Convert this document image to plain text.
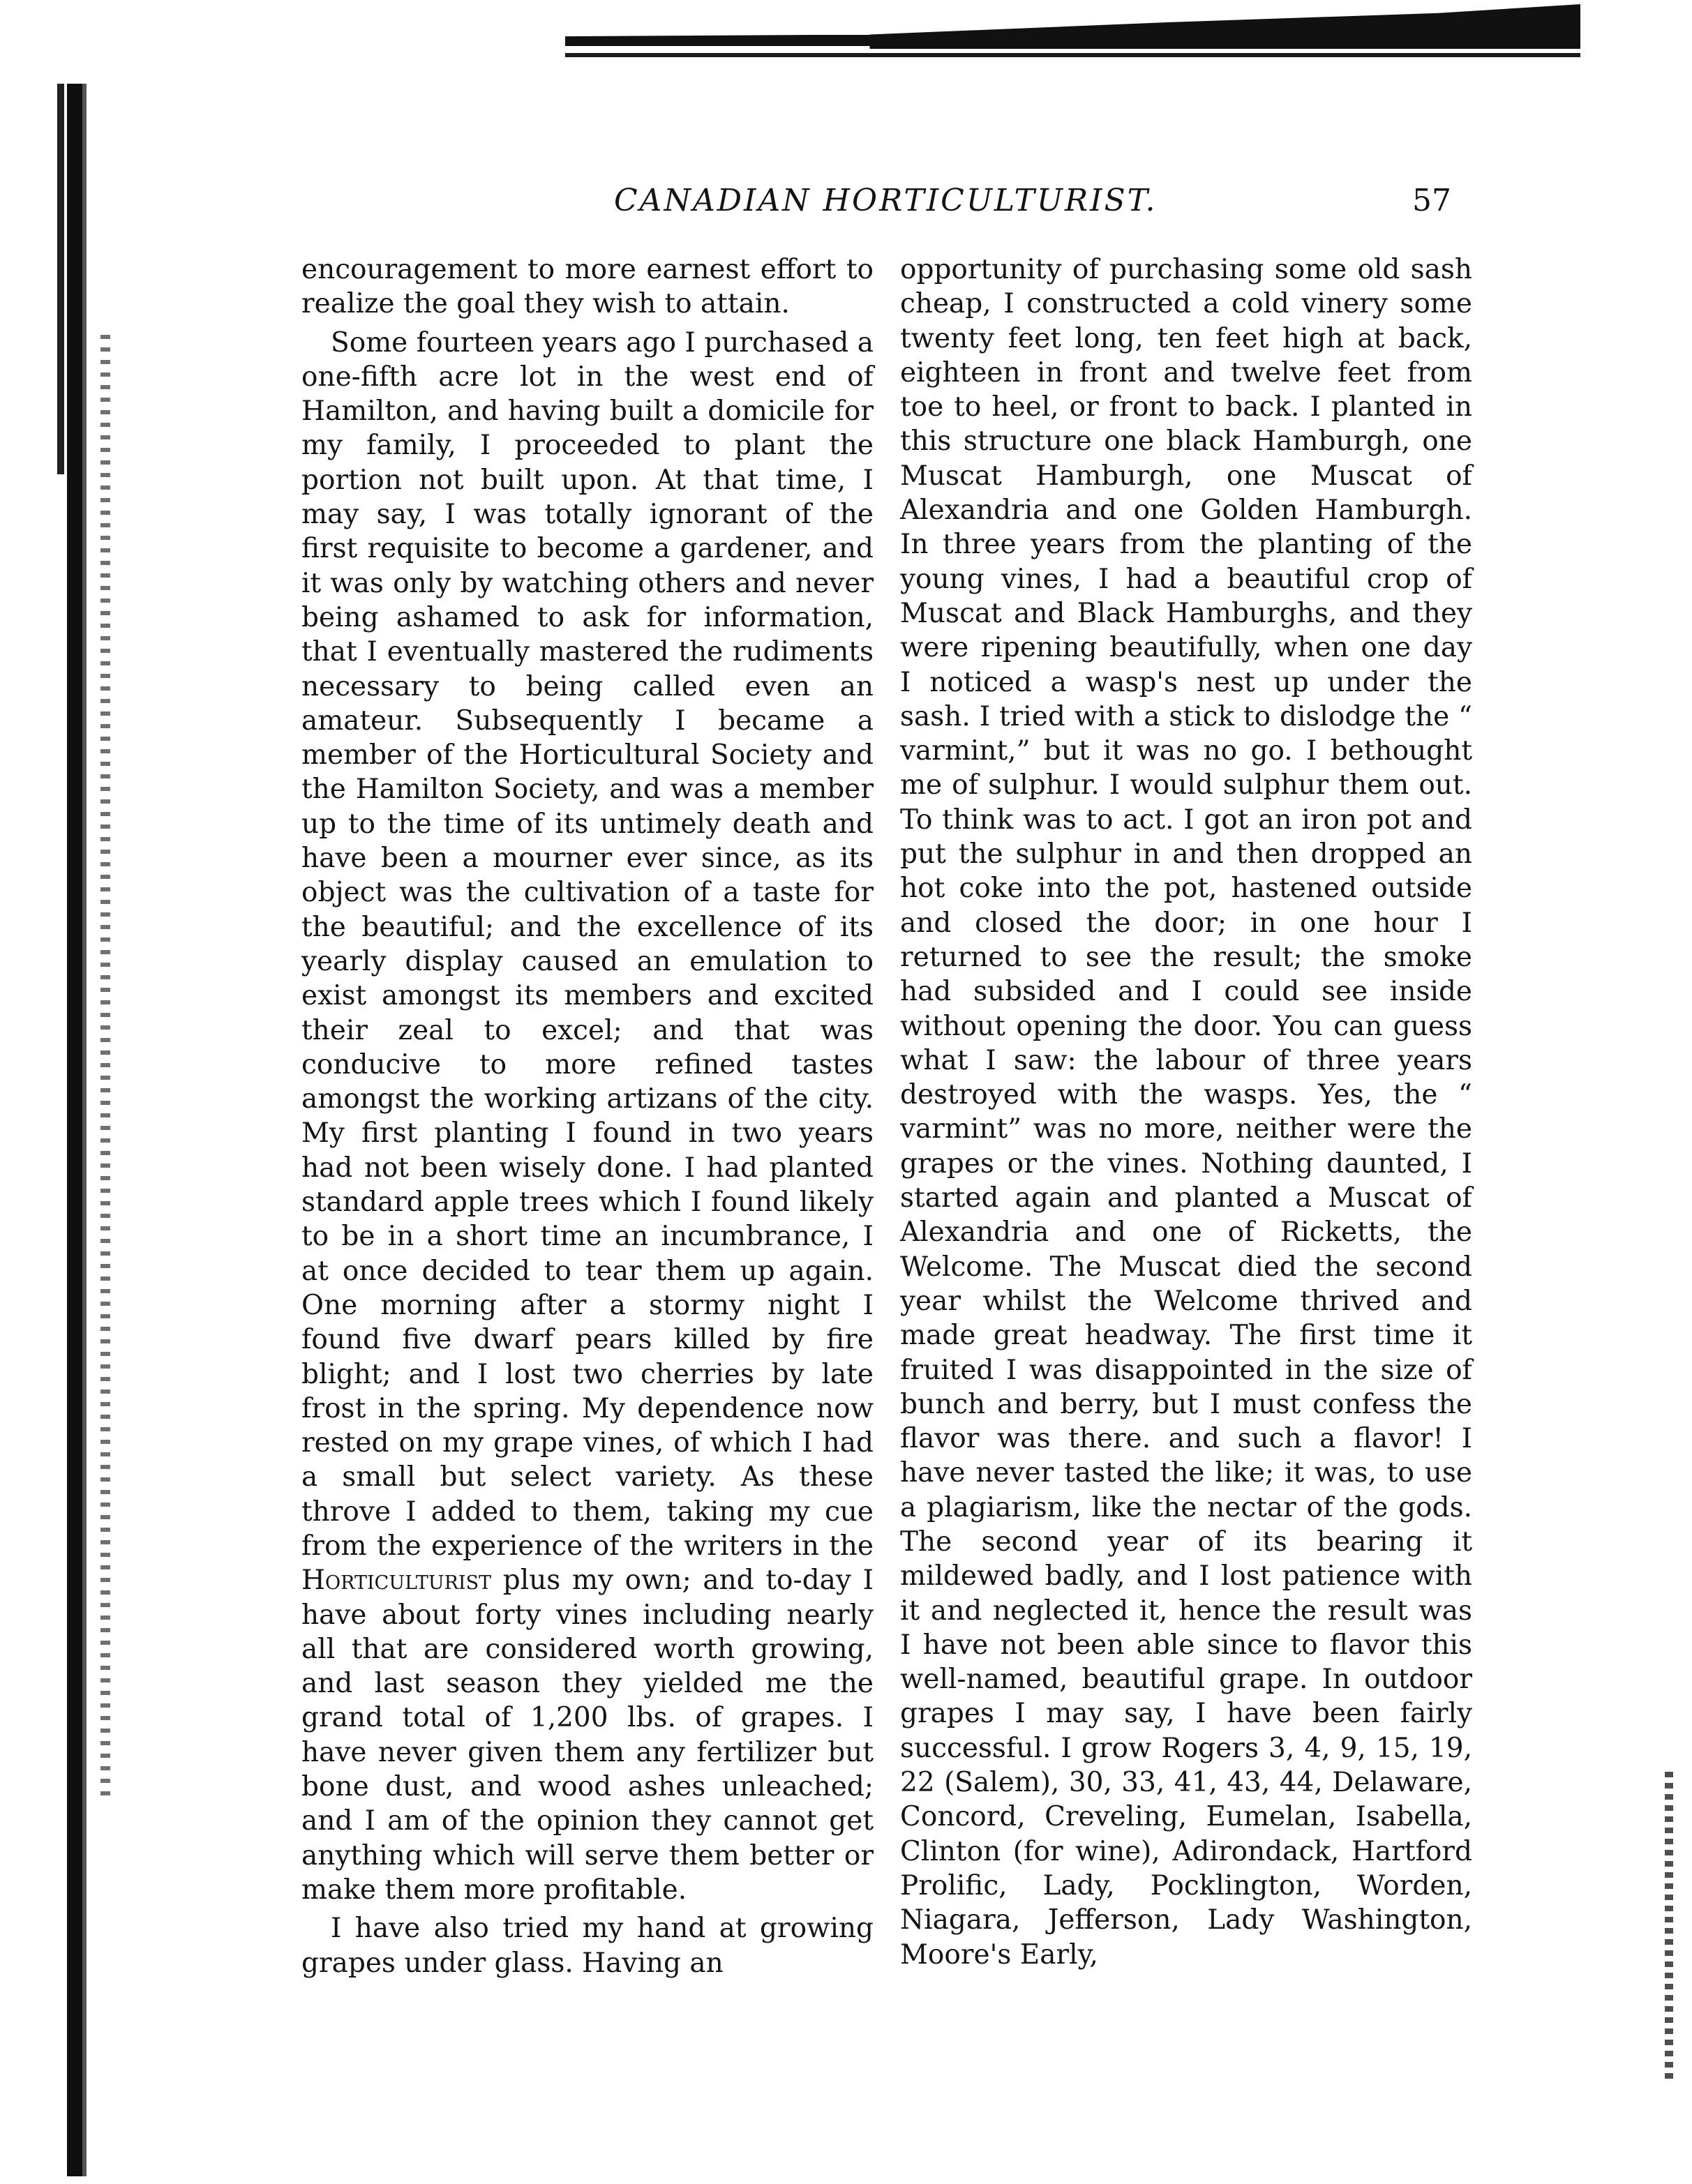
CANADIAN HORTICULTURIST.	57

encouragement to more earnest effort to realize the goal they wish to attain.

Some fourteen years ago I purchased a one-fifth acre lot in the west end of Hamilton, and having built a domicile for my family, I proceeded to plant the portion not built upon. At that time, I may say, I was totally ignorant of the first requisite to become a gardener, and it was only by watching others and never being ashamed to ask for information, that I eventually mastered the rudiments necessary to being called even an amateur. Subsequently I became a member of the Horticultural Society and the Hamilton Society, and was a member up to the time of its untimely death and have been a mourner ever since, as its object was the cultivation of a taste for the beautiful; and the excellence of its yearly display caused an emulation to exist amongst its members and excited their zeal to excel; and that was conducive to more refined tastes amongst the working artizans of the city. My first planting I found in two years had not been wisely done. I had planted standard apple trees which I found likely to be in a short time an incumbrance, I at once decided to tear them up again. One morning after a stormy night I found five dwarf pears killed by fire blight; and I lost two cherries by late frost in the spring. My dependence now rested on my grape vines, of which I had a small but select variety. As these throve I added to them, taking my cue from the experience of the writers in the Horticulturist plus my own; and to-day I have about forty vines including nearly all that are considered worth growing, and last season they yielded me the grand total of 1,200 lbs. of grapes. I have never given them any fertilizer but bone dust, and wood ashes unleached; and I am of the opinion they cannot get anything which will serve them better or make them more profitable.

I have also tried my hand at growing grapes under glass. Having an

opportunity of purchasing some old sash cheap, I constructed a cold vinery some twenty feet long, ten feet high at back, eighteen in front and twelve feet from toe to heel, or front to back. I planted in this structure one black Hamburgh, one Muscat Hamburgh, one Muscat of Alexandria and one Golden Hamburgh. In three years from the planting of the young vines, I had a beautiful crop of Muscat and Black Hamburghs, and they were ripening beautifully, when one day I noticed a wasp's nest up under the sash. I tried with a stick to dislodge the “ varmint,” but it was no go. I bethought me of sulphur. I would sulphur them out. To think was to act. I got an iron pot and put the sulphur in and then dropped an hot coke into the pot, hastened outside and closed the door; in one hour I returned to see the result; the smoke had subsided and I could see inside without opening the door. You can guess what I saw: the labour of three years destroyed with the wasps. Yes, the “ varmint” was no more, neither were the grapes or the vines. Nothing daunted, I started again and planted a Muscat of Alexandria and one of Ricketts, the Welcome. The Muscat died the second year whilst the Welcome thrived and made great headway. The first time it fruited I was disappointed in the size of bunch and berry, but I must confess the flavor was there. and such a flavor! I have never tasted the like; it was, to use a plagiarism, like the nectar of the gods. The second year of its bearing it mildewed badly, and I lost patience with it and neglected it, hence the result was I have not been able since to flavor this well-named, beautiful grape. In outdoor grapes I may say, I have been fairly successful. I grow Rogers 3, 4, 9, 15, 19, 22 (Salem), 30, 33, 41, 43, 44, Delaware, Concord, Creveling, Eumelan, Isabella, Clinton (for wine), Adirondack, Hartford Prolific, Lady, Pocklington, Worden, Niagara, Jefferson, Lady Washington, Moore's Early,
